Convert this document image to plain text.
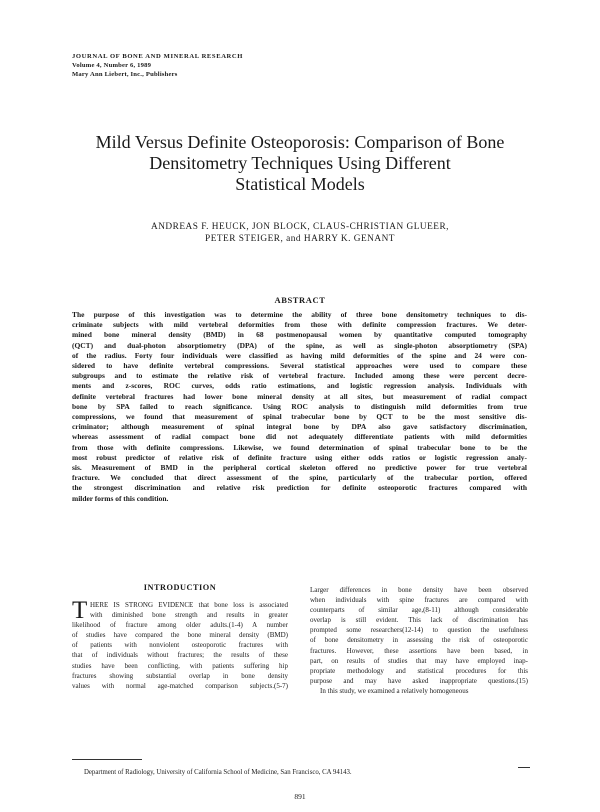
JOURNAL OF BONE AND MINERAL RESEARCH
Volume 4, Number 6, 1989
Mary Ann Liebert, Inc., Publishers
Mild Versus Definite Osteoporosis: Comparison of Bone
Densitometry Techniques Using Different
Statistical Models
ANDREAS F. HEUCK, JON BLOCK, CLAUS-CHRISTIAN GLUEER,
PETER STEIGER, and HARRY K. GENANT
ABSTRACT
The purpose of this investigation was to determine the ability of three bone densitometry techniques to dis-
criminate subjects with mild vertebral deformities from those with definite compression fractures. We deter-
mined bone mineral density (BMD) in 68 postmenopausal women by quantitative computed tomography
(QCT) and dual-photon absorptiometry (DPA) of the spine, as well as single-photon absorptiometry (SPA)
of the radius. Forty four individuals were classified as having mild deformities of the spine and 24 were con-
sidered to have definite vertebral compressions. Several statistical approaches were used to compare these
subgroups and to estimate the relative risk of vertebral fracture. Included among these were percent decre-
ments and z-scores, ROC curves, odds ratio estimations, and logistic regression analysis. Individuals with
definite vertebral fractures had lower bone mineral density at all sites, but measurement of radial compact
bone by SPA failed to reach significance. Using ROC analysis to distinguish mild deformities from true
compressions, we found that measurement of spinal trabecular bone by QCT to be the most sensitive dis-
criminator; although measurement of spinal integral bone by DPA also gave satisfactory discrimination,
whereas assessment of radial compact bone did not adequately differentiate patients with mild deformities
from those with definite compressions. Likewise, we found determination of spinal trabecular bone to be the
most robust predictor of relative risk of definite fracture using either odds ratios or logistic regression analy-
sis. Measurement of BMD in the peripheral cortical skeleton offered no predictive power for true vertebral
fracture. We concluded that direct assessment of the spine, particularly of the trabecular portion, offered
the strongest discrimination and relative risk prediction for definite osteoporotic fractures compared with
milder forms of this condition.
INTRODUCTION
T HERE IS STRONG EVIDENCE that bone loss is associated
with diminished bone strength and results in greater
likelihood of fracture among older adults.(1-4) A number
of studies have compared the bone mineral density (BMD)
of patients with nonviolent osteoporotic fractures with
that of individuals without fractures; the results of these
studies have been conflicting, with patients suffering hip
fractures showing substantial overlap in bone density
values with normal age-matched comparison subjects.(5-7)
Larger differences in bone density have been observed
when individuals with spine fractures are compared with
counterparts of similar age,(8-11) although considerable
overlap is still evident. This lack of discrimination has
prompted some researchers(12-14) to question the usefulness
of bone densitometry in assessing the risk of osteoporotic
fractures. However, these assertions have been based, in
part, on results of studies that may have employed inap-
propriate methodology and statistical procedures for this
purpose and may have asked inappropriate questions.(15)
In this study, we examined a relatively homogeneous
Department of Radiology, University of California School of Medicine, San Francisco, CA 94143.
891
